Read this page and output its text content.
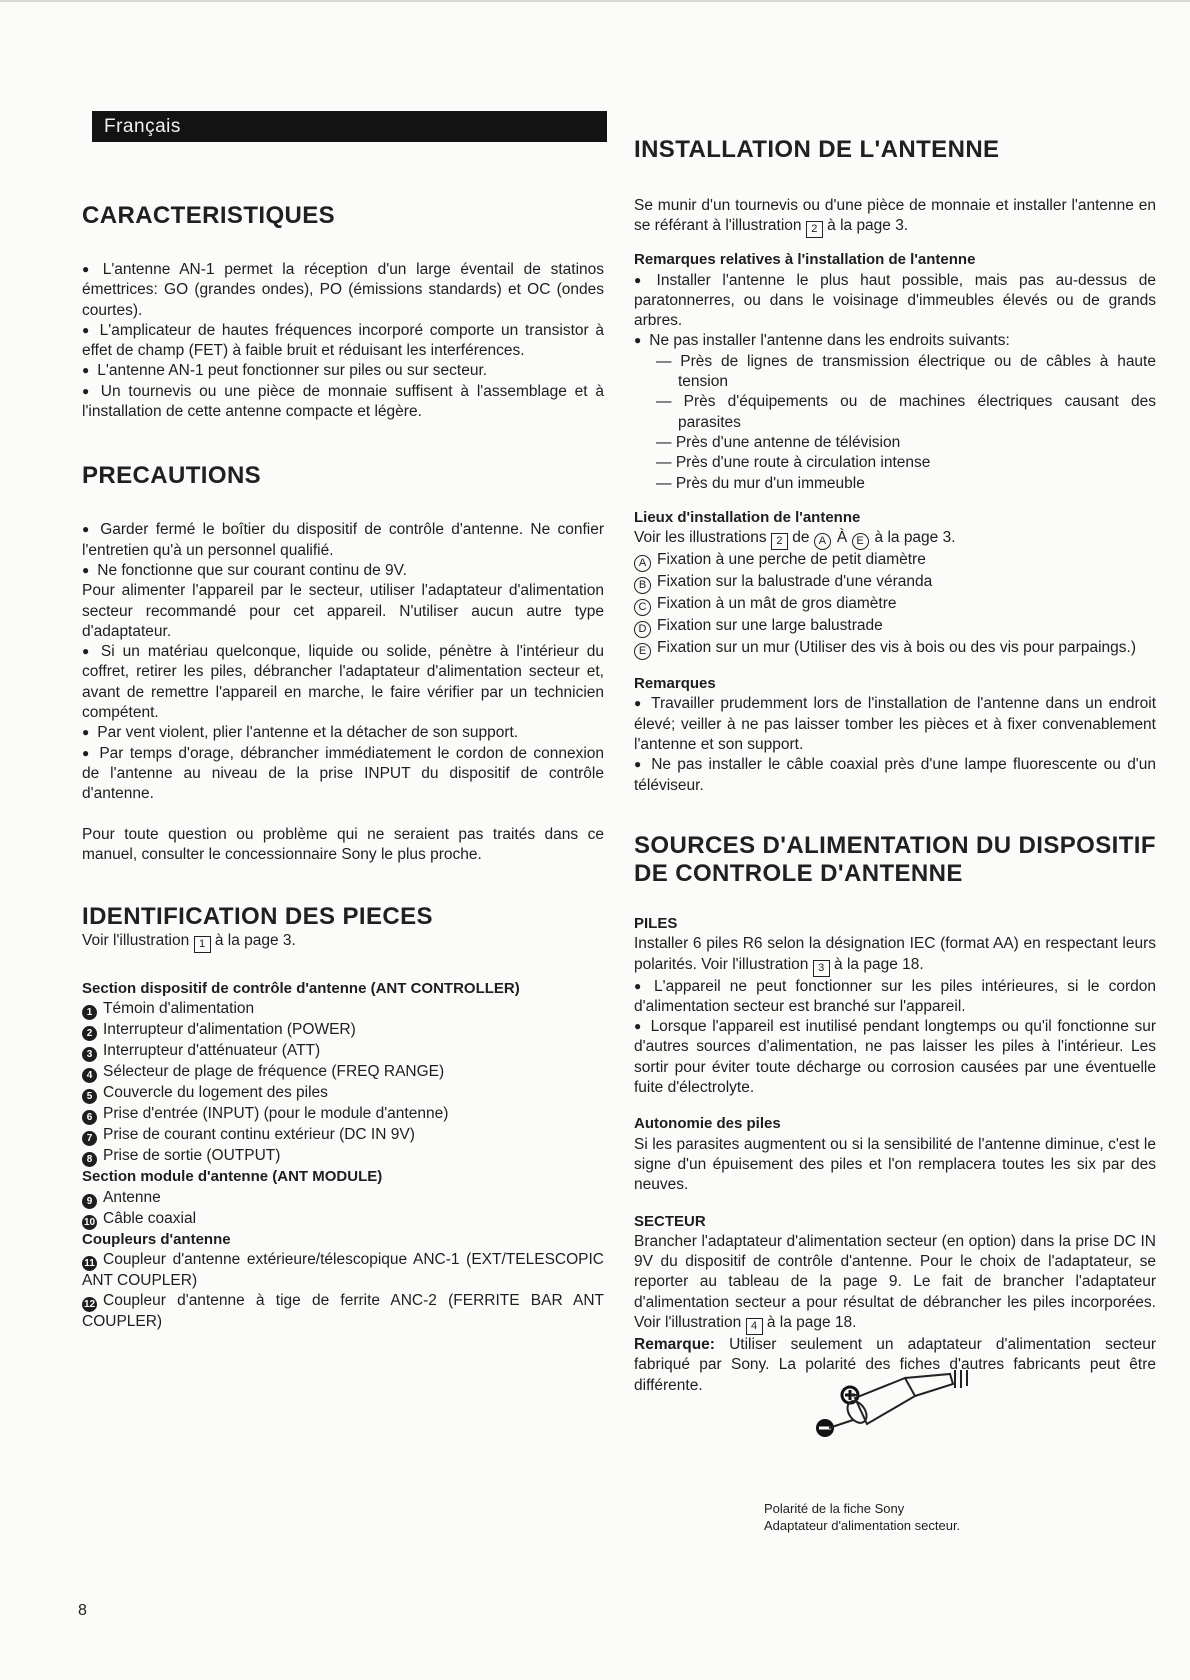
Français
CARACTERISTIQUES

● L'antenne AN-1 permet la réception d'un large éventail de statinos émettrices: GO (grandes ondes), PO (émissions standards) et OC (ondes courtes).

● L'amplicateur de hautes fréquences incorporé comporte un transistor à effet de champ (FET) à faible bruit et réduisant les interférences.

● L'antenne AN-1 peut fonctionner sur piles ou sur secteur.

● Un tournevis ou une pièce de monnaie suffisent à l'assemblage et à l'installation de cette antenne compacte et légère.

PRECAUTIONS

● Garder fermé le boîtier du dispositif de contrôle d'antenne. Ne confier l'entretien qu'à un personnel qualifié.

● Ne fonctionne que sur courant continu de 9V.

Pour alimenter l'appareil par le secteur, utiliser l'adaptateur d'alimentation secteur recommandé pour cet appareil. N'utiliser aucun autre type d'adaptateur.

● Si un matériau quelconque, liquide ou solide, pénètre à l'intérieur du coffret, retirer les piles, débrancher l'adaptateur d'alimentation secteur et, avant de remettre l'appareil en marche, le faire vérifier par un technicien compétent.

● Par vent violent, plier l'antenne et la détacher de son support.

● Par temps d'orage, débrancher immédiatement le cordon de connexion de l'antenne au niveau de la prise INPUT du dispositif de contrôle d'antenne.

Pour toute question ou problème qui ne seraient pas traités dans ce manuel, consulter le concessionnaire Sony le plus proche.

IDENTIFICATION DES PIECES

Voir l'illustration 1 à la page 3.

Section dispositif de contrôle d'antenne (ANT CONTROLLER)

1 Témoin d'alimentation

2 Interrupteur d'alimentation (POWER)

3 Interrupteur d'atténuateur (ATT)

4 Sélecteur de plage de fréquence (FREQ RANGE)

5 Couvercle du logement des piles

6 Prise d'entrée (INPUT) (pour le module d'antenne)

7 Prise de courant continu extérieur (DC IN 9V)

8 Prise de sortie (OUTPUT)

Section module d'antenne (ANT MODULE)

9 Antenne

10 Câble coaxial

Coupleurs d'antenne

11 Coupleur d'antenne extérieure/télescopique ANC-1 (EXT/TELESCOPIC ANT COUPLER)

12 Coupleur d'antenne à tige de ferrite ANC-2 (FERRITE BAR ANT COUPLER)

INSTALLATION DE L'ANTENNE

Se munir d'un tournevis ou d'une pièce de monnaie et installer l'antenne en se référant à l'illustration 2 à la page 3.

Remarques relatives à l'installation de l'antenne

● Installer l'antenne le plus haut possible, mais pas au-dessus de paratonnerres, ou dans le voisinage d'immeubles élevés ou de grands arbres.

● Ne pas installer l'antenne dans les endroits suivants:

— Près de lignes de transmission électrique ou de câbles à haute tension

— Près d'équipements ou de machines électriques causant des parasites

— Près d'une antenne de télévision

— Près d'une route à circulation intense

— Près du mur d'un immeuble

Lieux d'installation de l'antenne

Voir les illustrations 2 de A À E à la page 3.

A Fixation à une perche de petit diamètre

B Fixation sur la balustrade d'une véranda

C Fixation à un mât de gros diamètre

D Fixation sur une large balustrade

E Fixation sur un mur (Utiliser des vis à bois ou des vis pour parpaings.)

Remarques

● Travailler prudemment lors de l'installation de l'antenne dans un endroit élevé; veiller à ne pas laisser tomber les pièces et à fixer convenablement l'antenne et son support.

● Ne pas installer le câble coaxial près d'une lampe fluorescente ou d'un téléviseur.

SOURCES D'ALIMENTATION DU DISPOSITIF DE CONTROLE D'ANTENNE

PILES

Installer 6 piles R6 selon la désignation IEC (format AA) en respectant leurs polarités. Voir l'illustration 3 à la page 18.

● L'appareil ne peut fonctionner sur les piles intérieures, si le cordon d'alimentation secteur est branché sur l'appareil.

● Lorsque l'appareil est inutilisé pendant longtemps ou qu'il fonctionne sur d'autres sources d'alimentation, ne pas laisser les piles à l'intérieur. Les sortir pour éviter toute décharge ou corrosion causées par une éventuelle fuite d'électrolyte.

Autonomie des piles

Si les parasites augmentent ou si la sensibilité de l'antenne diminue, c'est le signe d'un épuisement des piles et l'on remplacera toutes les six par des neuves.

SECTEUR

Brancher l'adaptateur d'alimentation secteur (en option) dans la prise DC IN 9V du dispositif de contrôle d'antenne. Pour le choix de l'adaptateur, se reporter au tableau de la page 9. Le fait de brancher l'adaptateur d'alimentation secteur a pour résultat de débrancher les piles incorporées. Voir l'illustration 4 à la page 18.

Remarque: Utiliser seulement un adaptateur d'alimentation secteur fabriqué par Sony. La polarité des fiches d'autres fabricants peut être différente.

Polarité de la fiche Sony
Adaptateur d'alimentation secteur.
8
